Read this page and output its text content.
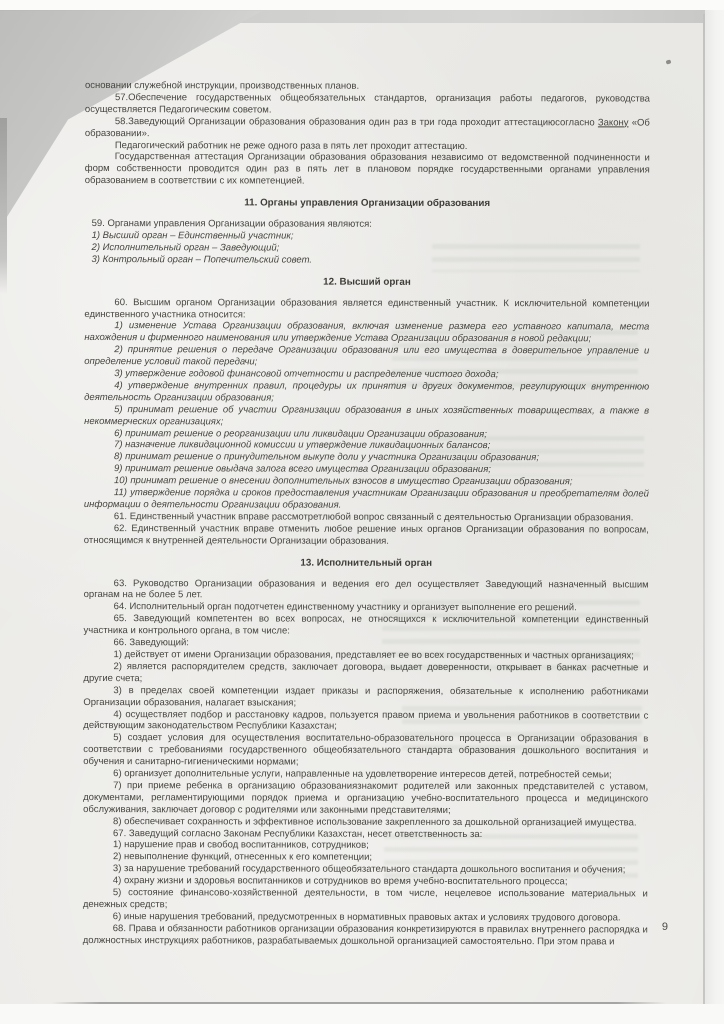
основании служебной инструкции, производственных планов.

57.Обеспечение государственных общеобязательных стандартов, организация работы педагогов, руководства осуществляется Педагогическим советом.

58.Заведующий Организации образования образования один раз в три года проходит аттестациюсогласно Закону «Об образовании».

Педагогический работник не реже одного раза в пять лет проходит аттестацию.

Государственная аттестация Организации образования образования независимо от ведомственной подчиненности и форм собственности проводится один раз в пять лет в плановом порядке государственными органами управления образованием в соответствии с их компетенцией.

11. Органы управления Организации образования

59. Органами управления Организации образования являются:

1) Высший орган – Единственный участник;

2) Исполнительный орган – Заведующий;

3) Контрольный орган – Попечительский совет.

12. Высший орган

60. Высшим органом Организации образования является единственный участник. К исключительной компетенции единственного участника относится:

1) изменение Устава Организации образования, включая изменение размера его уставного капитала, места нахождения и фирменного наименования или утверждение Устава Организации образования в новой редакции;

2) принятие решения о передаче Организации образования или его имущества в доверительное управление и определение условий такой передачи;

3) утверждение годовой финансовой отчетности и распределение чистого дохода;

4) утверждение внутренних правил, процедуры их принятия и других документов, регулирующих внутреннюю деятельность Организации образования;

5) принимат решение об участии Организации образования в иных хозяйственных товариществах, а также в некоммерческих организациях;

6) принимат решение о реорганизации или ликвидации Организации образования;

7) назначение ликвидационной комиссии и утверждение ликвидационных балансов;

8) принимат решение о принудительном выкупе доли у участника Организации образования;

9) принимат решение овыдача залога всего имущества Организации образования;

10) принимат решение о внесении дополнительных взносов в имущество Организации образования;

11) утверждение порядка и сроков предоставления участникам Организации образования и преобретателям долей информации о деятельности Организации образования.

61. Единственный участник вправе рассмотретлюбой вопрос связанный с деятельностью Организации образования.

62. Единственный участник вправе отменить любое решение иных органов Организации образования по вопросам, относящимся к внутренней деятельности Организации образования.

13. Исполнительный орган

63. Руководство Организации образования и ведения его дел осуществляет Заведующий назначенный высшим органам на не более 5 лет.

64. Исполнительный орган подотчетен единственному участнику и организует выполнение его решений.

65. Заведующий компетентен во всех вопросах, не относящихся к исключительной компетенции единственный участника и контрольного органа, в том числе:

66. Заведующий:

1) действует от имени Организации образования, представляет ее во всех государственных и частных организациях;

2) является распорядителем средств, заключает договора, выдает доверенности, открывает в банках расчетные и другие счета;

3) в пределах своей компетенции издает приказы и распоряжения, обязательные к исполнению работниками Организации образования, налагает взыскания;

4) осуществляет подбор и расстановку кадров, пользуется правом приема и увольнения работников в соответствии с действующим законодательством Республики Казахстан;

5) создает условия для осуществления воспитательно-образовательного процесса в Организации образования в соответствии с требованиями государственного общеобязательного стандарта образования дошкольного воспитания и обучения и санитарно-гигиеническими нормами;

6) организует дополнительные услуги, направленные на удовлетворение интересов детей, потребностей семьи;

7) при приеме ребенка в организацию образованиязнакомит родителей или законных представителей с уставом, документами, регламентирующими порядок приема и организацию учебно-воспитательного процесса и медицинского обслуживания, заключает договор с родителями или законными представителями;

8) обеспечивает сохранность и эффективное использование закрепленного за дошкольной организацией имущества.

67. Заведущий согласно Законам Республики Казахстан, несет ответственность за:

1) нарушение прав и свобод воспитанников, сотрудников;

2) невыполнение функций, отнесенных к его компетенции;

3) за нарушение требований государственного общеобязательного стандарта дошкольного воспитания и обучения;

4) охрану жизни и здоровья воспитанников и сотрудников во время учебно-воспитательного процесса;

5) состояние финансово-хозяйственной деятельности, в том числе, нецелевое использование материальных и денежных средств;

6) иные нарушения требований, предусмотренных в нормативных правовых актах и условиях трудового договора.

68. Права и обязанности работников организации образования конкретизируются в правилах внутреннего распорядка и должностных инструкциях работников, разрабатываемых дошкольной организацией самостоятельно. При этом права и

9
